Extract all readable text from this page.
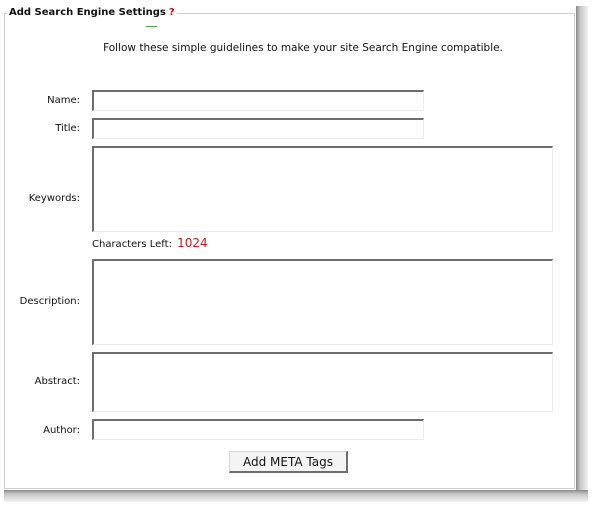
Add Search Engine Settings ?
Follow these simple guidelines to make your site Search Engine compatible.
Name:
Title:
Keywords:
Characters Left: 1024
Description:
Abstract:
Author:
Add META Tags
